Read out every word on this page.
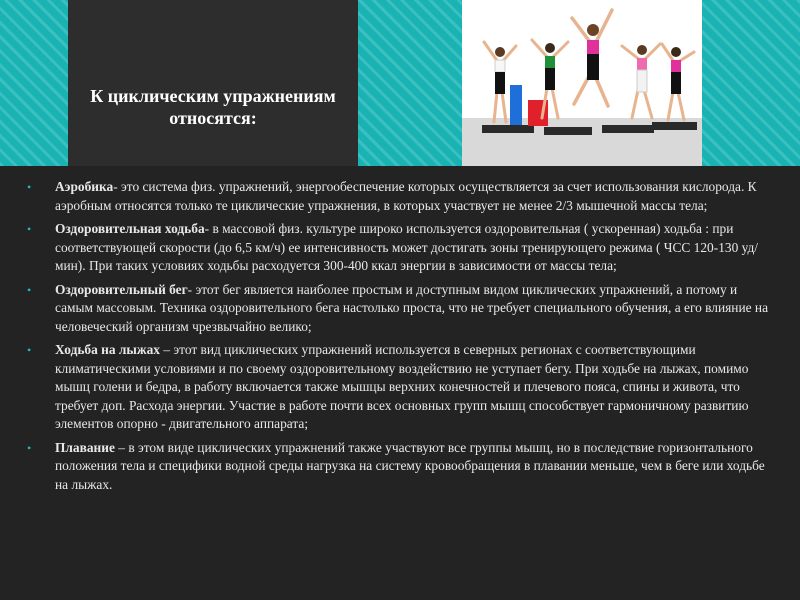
К циклическим упражнениям относятся:
• Аэробика- это система физ. упражнений, энергообеспечение которых осуществляется за счет использования кислорода. К аэробным относятся только те циклические упражнения, в которых участвует не менее 2/3 мышечной массы тела;
• Оздоровительная ходьба- в массовой физ. культуре широко используется оздоровительная ( ускоренная) ходьба : при соответствующей скорости (до 6,5 км/ч) ее интенсивность может достигать зоны тренирующего режима ( ЧСС 120-130 уд/мин). При таких условиях ходьбы расходуется 300-400 ккал энергии в зависимости от массы тела;
• Оздоровительный бег- этот бег является наиболее простым и доступным видом циклических упражнений, а потому и самым массовым. Техника оздоровительного бега настолько проста, что не требует специального обучения, а его влияние на человеческий организм чрезвычайно велико;
• Ходьба на лыжах – этот вид циклических упражнений используется в северных регионах с соответствующими климатическими условиями и по своему оздоровительному воздействию не уступает бегу. При ходьбе на лыжах, помимо мышц голени и бедра, в работу включается также мышцы верхних конечностей и плечевого пояса, спины и живота, что требует доп. Расхода энергии. Участие в работе почти всех основных групп мышц способствует гармоничному развитию элементов опорно - двигательного аппарата;
• Плавание – в этом виде циклических упражнений также участвуют все группы мышц, но в последствие горизонтального положения тела и специфики водной среды нагрузка на систему кровообращения в плавании меньше, чем в беге или ходьбе на лыжах.
